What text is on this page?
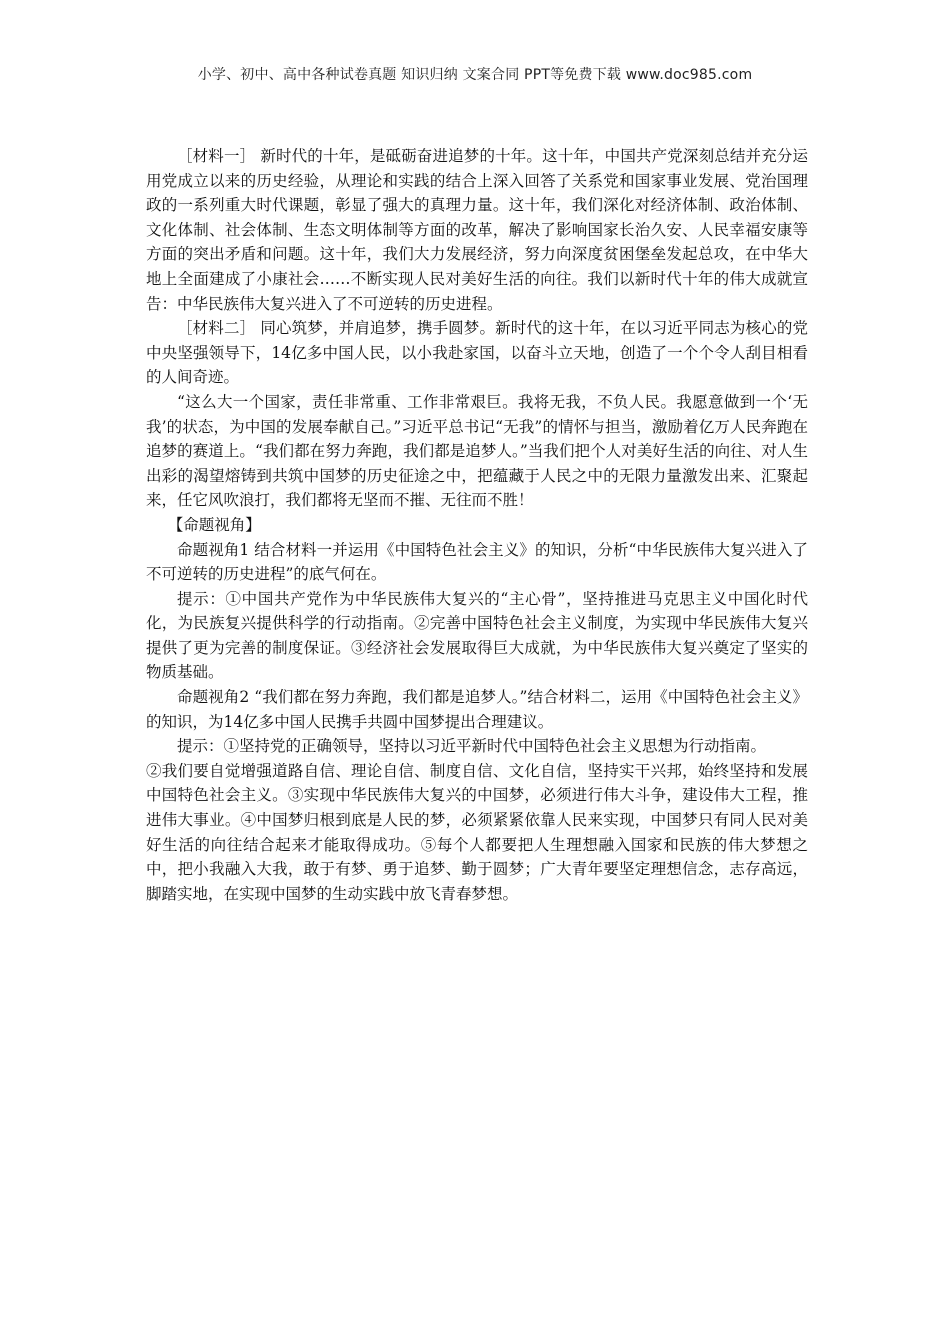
小学、初中、高中各种试卷真题 知识归纳 文案合同 PPT等免费下载 www.doc985.com

［材料一］ 新时代的十年，是砥砺奋进追梦的十年。这十年，中国共产党深刻总结并充分运用党成立以来的历史经验，从理论和实践的结合上深入回答了关系党和国家事业发展、党治国理政的一系列重大时代课题，彰显了强大的真理力量。这十年，我们深化对经济体制、政治体制、文化体制、社会体制、生态文明体制等方面的改革，解决了影响国家长治久安、人民幸福安康等方面的突出矛盾和问题。这十年，我们大力发展经济，努力向深度贫困堡垒发起总攻，在中华大地上全面建成了小康社会……不断实现人民对美好生活的向往。我们以新时代十年的伟大成就宣告：中华民族伟大复兴进入了不可逆转的历史进程。

［材料二］ 同心筑梦，并肩追梦，携手圆梦。新时代的这十年，在以习近平同志为核心的党中央坚强领导下，14亿多中国人民，以小我赴家国，以奋斗立天地，创造了一个个令人刮目相看的人间奇迹。

“这么大一个国家，责任非常重、工作非常艰巨。我将无我，不负人民。我愿意做到一个‘无我’的状态，为中国的发展奉献自己。”习近平总书记“无我”的情怀与担当，激励着亿万人民奔跑在追梦的赛道上。“我们都在努力奔跑，我们都是追梦人。”当我们把个人对美好生活的向往、对人生出彩的渴望熔铸到共筑中国梦的历史征途之中，把蕴藏于人民之中的无限力量激发出来、汇聚起来，任它风吹浪打，我们都将无坚而不摧、无往而不胜！

【命题视角】

命题视角1 结合材料一并运用《中国特色社会主义》的知识，分析“中华民族伟大复兴进入了不可逆转的历史进程”的底气何在。

提示：①中国共产党作为中华民族伟大复兴的“主心骨”，坚持推进马克思主义中国化时代化，为民族复兴提供科学的行动指南。②完善中国特色社会主义制度，为实现中华民族伟大复兴提供了更为完善的制度保证。③经济社会发展取得巨大成就，为中华民族伟大复兴奠定了坚实的物质基础。

命题视角2 “我们都在努力奔跑，我们都是追梦人。”结合材料二，运用《中国特色社会主义》的知识，为14亿多中国人民携手共圆中国梦提出合理建议。

提示：①坚持党的正确领导，坚持以习近平新时代中国特色社会主义思想为行动指南。

②我们要自觉增强道路自信、理论自信、制度自信、文化自信，坚持实干兴邦，始终坚持和发展中国特色社会主义。③实现中华民族伟大复兴的中国梦，必须进行伟大斗争，建设伟大工程，推进伟大事业。④中国梦归根到底是人民的梦，必须紧紧依靠人民来实现，中国梦只有同人民对美好生活的向往结合起来才能取得成功。⑤每个人都要把人生理想融入国家和民族的伟大梦想之中，把小我融入大我，敢于有梦、勇于追梦、勤于圆梦；广大青年要坚定理想信念，志存高远，脚踏实地，在实现中国梦的生动实践中放飞青春梦想。
